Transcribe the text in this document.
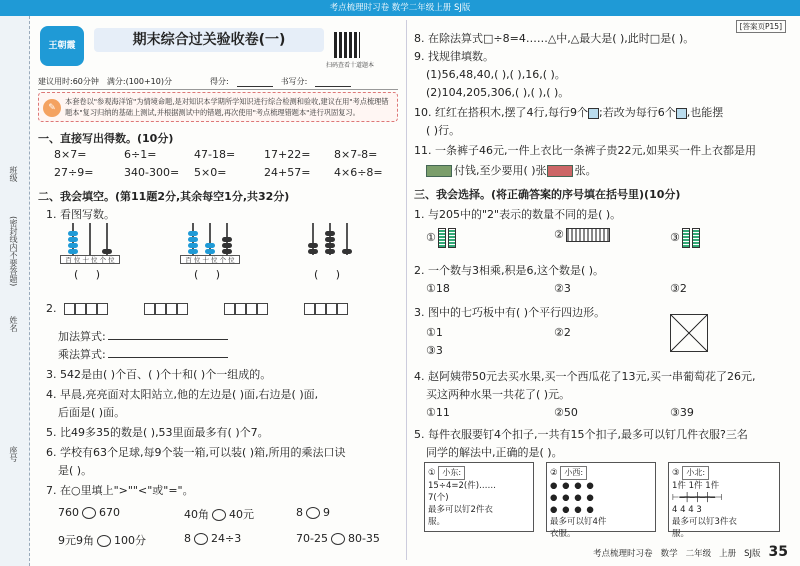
考点梳理时习卷 数学二年级上册 SJ版
班级
(密封线内不要答题)
姓名
座号
王朝霞	期末综合过关验收卷(一)
扫码查看十道题本
建议用时:60分钟 满分:(100+10)分	得分:	书写分:
✎
本套卷以"参观海洋馆"为情境命题,是对知识本学期所学知识进行综合检测和验收,建议在用"考点梳理错题本"复习归纳的基础上测试,并根据测试中的错题,再次使用"考点梳理错题本"进行巩固复习。
一、直接写出得数。(10分)
8×7=	6÷1=	47-18=	17+22=	8×7-8=
27÷9=	340-300=	5×0=	24+57=	4×6÷8=
二、我会填空。(第11题2分,其余每空1分,共32分)
1. 看图写数。
百 位 十 位 个 位
(     )
百 位 十 位 个 位
(     )	(     )
2.
加法算式:
乘法算式:
3. 542是由( )个百、( )个十和( )个一组成的。
4. 早晨,亮亮面对太阳站立,他的左边是( )面,右边是( )面,
后面是( )面。
5. 比49多35的数是( ),53里面最多有( )个7。
6. 学校有63个足球,每9个装一箱,可以装( )箱,所用的乘法口诀
是( )。
7. 在○里填上">""<"或"="。
760 670	40角 40元	8 9
9元9角 100分	8 24÷3	70-25 80-35
[答案页P15]
8. 在除法算式□÷8=4……△中,△最大是( ),此时□是( )。
9. 找规律填数。
(1)56,48,40,( ),( ),16,( )。
(2)104,205,306,( ),( ),( )。
10. 红红在搭积木,摆了4行,每行9个 ;若改为每行6个 ,也能摆
( )行。
11. 一条裤子46元,一件上衣比一条裤子贵22元,如果买一件上衣都是用
付钱,至少要用( )张	张。
三、我会选择。(将正确答案的序号填在括号里)(10分)
1. 与205中的"2"表示的数量不同的是( )。
①	②	③
2. 一个数与3相乘,积是6,这个数是( )。
①18	②3	③2
3. 图中的七巧板中有( )个平行四边形。
①1	②2
③3
4. 赵阿姨带50元去买水果,买一个西瓜花了13元,买一串葡萄花了26元,
买这两种水果一共花了( )元。
①11	②50	③39
5. 每件衣服要钉4个扣子,一共有15个扣子,最多可以钉几件衣服?三名
同学的解法中,正确的是( )。
① 小东:
15÷4=2(件)……
7(个)
最多可以钉2件衣
服。
② 小西:
● ● ● ●
● ● ● ●
● ● ● ●
最多可以钉4件
衣服。
③ 小北:
1件 1件 1件
⊢━┿━┿━┿━⊣
4 4 4 3
最多可以钉3件衣
服。
考点梳理时习卷 数学 二年级 上册 SJ版 35
